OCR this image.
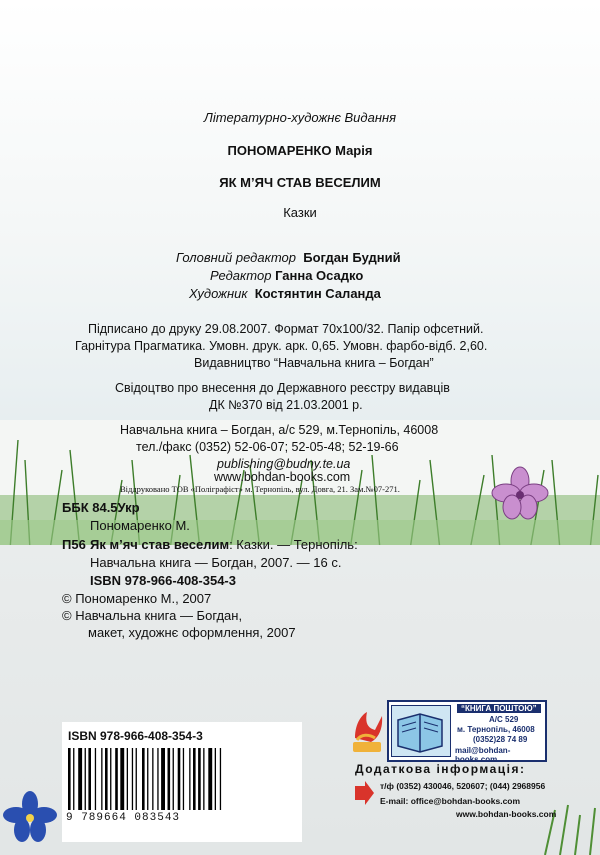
Літературно-художнє Видання
ПОНОМАРЕНКО Марія
ЯК М’ЯЧ СТАВ ВЕСЕЛИМ
Казки
Головний редактор Богдан Будний
Редактор Ганна Осадко
Художник Костянтин Саланда
Підписано до друку 29.08.2007. Формат 70х100/32. Папір офсетний.
Гарнітура Прагматика. Умовн. друк. арк. 0,65. Умовн. фарбо-відб. 2,60.
Видавництво “Навчальна книга – Богдан”
Свідоцтво про внесення до Державного реєстру видавців
ДК №370 від 21.03.2001 р.
Навчальна книга – Богдан, а/с 529, м.Тернопіль, 46008
тел./факс (0352) 52-06-07; 52-05-48; 52-19-66
publishing@budny.te.ua
www.bohdan-books.com
Віддруковано ТОВ «Поліграфіст» м. Тернопіль, вул. Довга, 21. Зам.№07-271.
ББК 84.5Укр
Пономаренко М.
П56 Як м’яч став веселим: Казки. — Тернопіль:
Навчальна книга — Богдан, 2007. — 16 с.
ISBN 978-966-408-354-3
© Пономаренко М., 2007
© Навчальна книга — Богдан,
макет, художнє оформлення, 2007
ISBN 978-966-408-354-3
9 789664 083543
“КНИГА ПОШТОЮ”
А/С 529
м. Тернопіль, 46008
(0352)28 74 89
mail@bohdan-books.com
Додаткова інформація:
т/ф (0352) 430046, 520607; (044) 2968956
E-mail: office@bohdan-books.com
www.bohdan-books.com
